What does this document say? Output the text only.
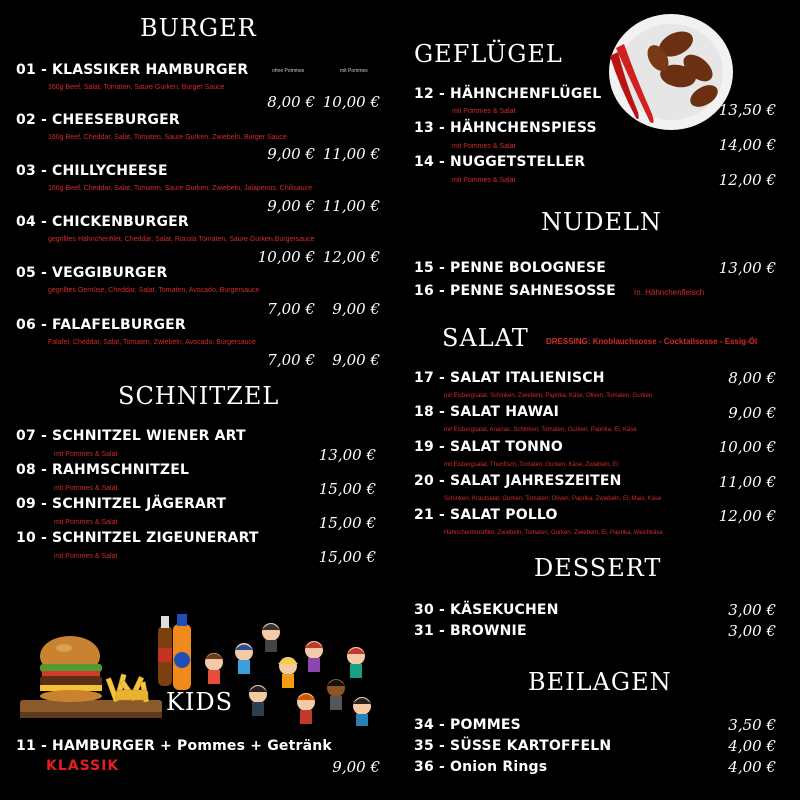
BURGER
ohne Pommes	mit Pommes
01 - KLASSIKER HAMBURGER
160g Beef, Salat, Tomaten, Saure Gurken, Burger Sauce
8,00 € 10,00 €
02 - CHEESEBURGER
160g Beef, Cheddar, Salat, Tomaten, Saure Gurken, Zwiebeln, Burger Sauce
9,00 € 11,00 €
03 - CHILLYCHEESE
160g Beef, Cheddar, Salat, Tomaten, Saure Gurken, Zwiebeln, Jalapenos, Chilisauce
9,00 € 11,00 €
04 - CHICKENBURGER
gegrilltes Hähnchenfilet, Cheddar, Salat, Rucola Tomaten, Saure Gurken,Burgersauce
10,00 € 12,00 €
05 - VEGGIBURGER
gegrilltes Gemüse, Cheddar, Salat, Tomaten, Avocado, Burgersauce
7,00 €	9,00 €
06 - FALAFELBURGER
Falafel, Cheddar, Salat, Tomaten, Zwiebeln, Avocado, Burgersauce
7,00 €	9,00 €
SCHNITZEL
07 - SCHNITZEL WIENER ART
mit Pommes & Salat	13,00 €
08 - RAHMSCHNITZEL
mit Pommes & Salat	15,00 €
09 - SCHNITZEL JÄGERART
mit Pommes & Salat	15,00 €
10 - SCHNITZEL ZIGEUNERART
mit Pommes & Salat	15,00 €
KIDS
11 - HAMBURGER + Pommes + Getränk
KLASSIK	9,00 €
GEFLÜGEL
12 - HÄHNCHENFLÜGEL
mit Pommes & Salat	13,50 €
13 - HÄHNCHENSPIESS
mit Pommes & Salat	14,00 €
14 - NUGGETSTELLER
mit Pommes & Salat	12,00 €
NUDELN
15 - PENNE BOLOGNESE	13,00 €
16 - PENNE SAHNESOSSE m. Hähnchenfleisch
SALAT DRESSING: Knoblauchsosse - Cocktailsosse - Essig-Öl
17 - SALAT ITALIENISCH
mit Eisbergsalat, Schinken, Zwiebeln, Paprika, Käse, Oliven, Tomaten, Gurken
8,00 €
18 - SALAT HAWAI
mit Eisbergsalat, Ananas, Schinken, Tomaten, Gurken, Paprika, Ei, Käse
9,00 €
19 - SALAT TONNO
mit Eisbergsalat, Thunfisch, Tomaten, Gurken, Käse, Zwiebeln, Ei
10,00 €
20 - SALAT JAHRESZEITEN
Schinken, Krautsalat, Gurken, Tomaten, Oliven, Paprika, Zwiebeln, Ei, Mais, Käse
11,00 €
21 - SALAT POLLO
Hähnchenbrustfilet, Zwiebeln, Tomaten, Gurken, Zwiebeln, Ei, Paprika, Weichkäse
12,00 €
DESSERT
30 - KÄSEKUCHEN	3,00 €
31 - BROWNIE	3,00 €
BEILAGEN
34 - POMMES	3,50 €
35 - SÜSSE KARTOFFELN	4,00 €
36 - Onion Rings	4,00 €
